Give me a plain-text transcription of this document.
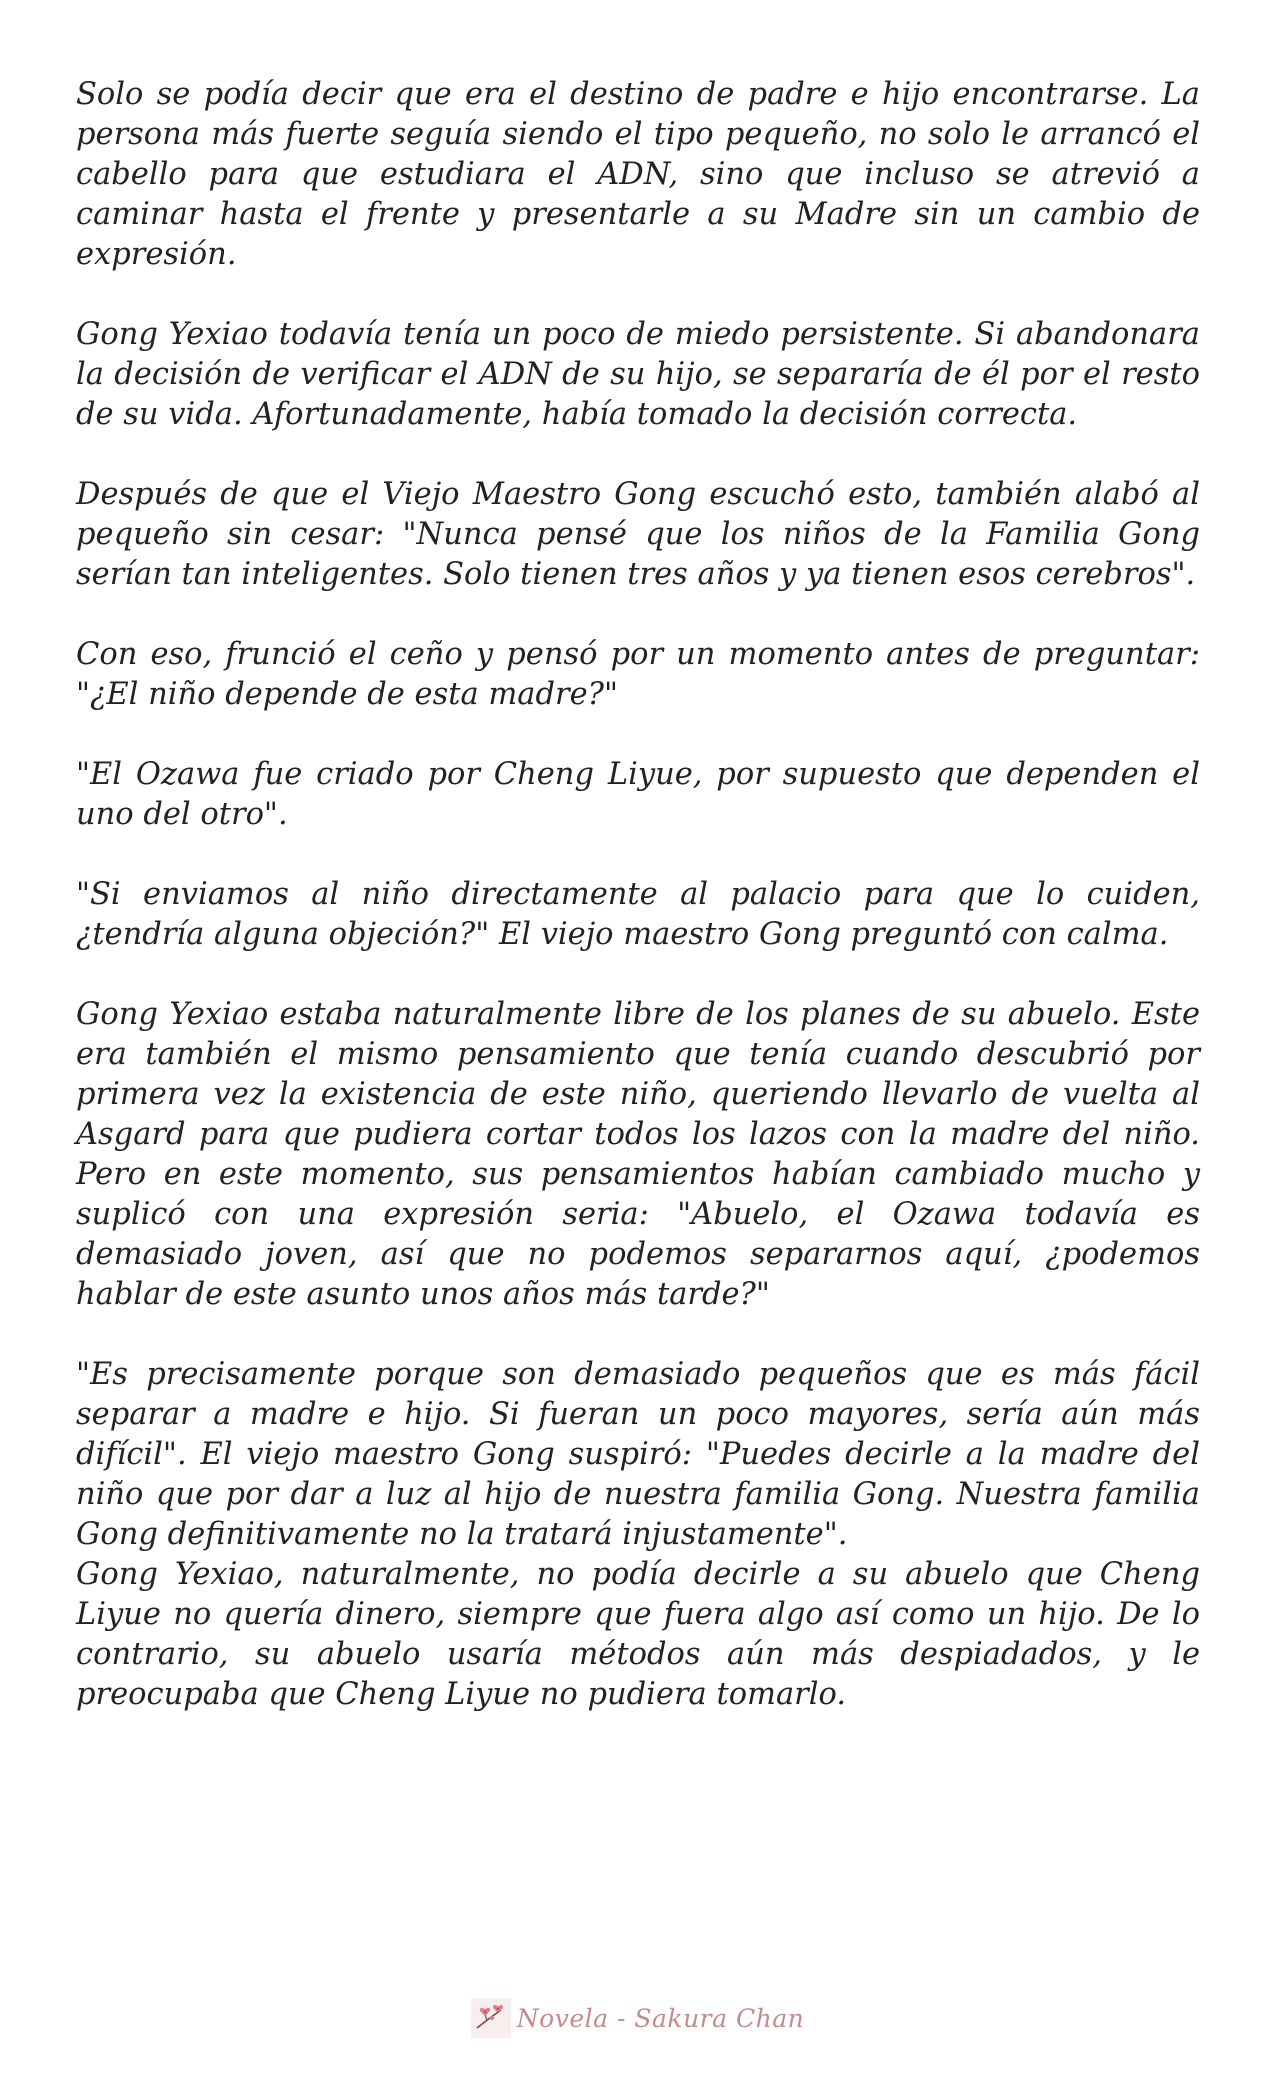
Solo se podía decir que era el destino de padre e hijo encontrarse. La persona más fuerte seguía siendo el tipo pequeño, no solo le arrancó el cabello para que estudiara el ADN, sino que incluso se atrevió a caminar hasta el frente y presentarle a su Madre sin un cambio de expresión.

Gong Yexiao todavía tenía un poco de miedo persistente. Si abandonara la decisión de verificar el ADN de su hijo, se separaría de él por el resto de su vida. Afortunadamente, había tomado la decisión correcta.

Después de que el Viejo Maestro Gong escuchó esto, también alabó al pequeño sin cesar: "Nunca pensé que los niños de la Familia Gong serían tan inteligentes. Solo tienen tres años y ya tienen esos cerebros".

Con eso, frunció el ceño y pensó por un momento antes de preguntar: "¿El niño depende de esta madre?"

"El Ozawa fue criado por Cheng Liyue, por supuesto que dependen el uno del otro".

"Si enviamos al niño directamente al palacio para que lo cuiden, ¿tendría alguna objeción?" El viejo maestro Gong preguntó con calma.

Gong Yexiao estaba naturalmente libre de los planes de su abuelo. Este era también el mismo pensamiento que tenía cuando descubrió por primera vez la existencia de este niño, queriendo llevarlo de vuelta al Asgard para que pudiera cortar todos los lazos con la madre del niño. Pero en este momento, sus pensamientos habían cambiado mucho y suplicó con una expresión seria: "Abuelo, el Ozawa todavía es demasiado joven, así que no podemos separarnos aquí, ¿podemos hablar de este asunto unos años más tarde?"

"Es precisamente porque son demasiado pequeños que es más fácil separar a madre e hijo. Si fueran un poco mayores, sería aún más difícil". El viejo maestro Gong suspiró: "Puedes decirle a la madre del niño que por dar a luz al hijo de nuestra familia Gong. Nuestra familia Gong definitivamente no la tratará injustamente".

Gong Yexiao, naturalmente, no podía decirle a su abuelo que Cheng Liyue no quería dinero, siempre que fuera algo así como un hijo. De lo contrario, su abuelo usaría métodos aún más despiadados, y le preocupaba que Cheng Liyue no pudiera tomarlo.

Novela - Sakura Chan
